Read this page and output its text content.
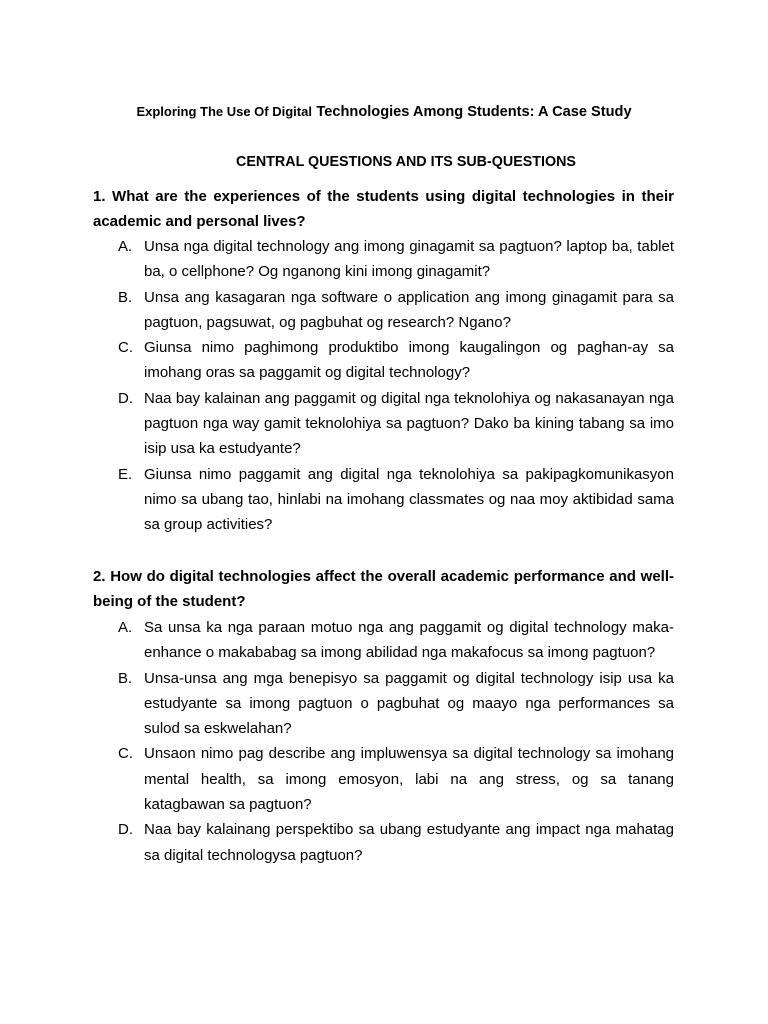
Exploring The Use Of Digital Technologies Among Students: A Case Study
CENTRAL QUESTIONS AND ITS SUB-QUESTIONS

1. What are the experiences of the students using digital technologies in their academic and personal lives?

A. Unsa nga digital technology ang imong ginagamit sa pagtuon? laptop ba, tablet ba, o cellphone? Og nganong kini imong ginagamit?
B. Unsa ang kasagaran nga software o application ang imong ginagamit para sa pagtuon, pagsuwat, og pagbuhat og research? Ngano?
C. Giunsa nimo paghimong produktibo imong kaugalingon og paghan-ay sa imohang oras sa paggamit og digital technology?
D. Naa bay kalainan ang paggamit og digital nga teknolohiya og nakasanayan nga pagtuon nga way gamit teknolohiya sa pagtuon? Dako ba kining tabang sa imo isip usa ka estudyante?
E. Giunsa nimo paggamit ang digital nga teknolohiya sa pakipagkomunikasyon nimo sa ubang tao, hinlabi na imohang classmates og naa moy aktibidad sama sa group activities?

2. How do digital technologies affect the overall academic performance and well-being of the student?

A. Sa unsa ka nga paraan motuo nga ang paggamit og digital technology maka-enhance o makababag sa imong abilidad nga makafocus sa imong pagtuon?
B. Unsa-unsa ang mga benepisyo sa paggamit og digital technology isip usa ka estudyante sa imong pagtuon o pagbuhat og maayo nga performances sa sulod sa eskwelahan?
C. Unsaon nimo pag describe ang impluwensya sa digital technology sa imohang mental health, sa imong emosyon, labi na ang stress, og sa tanang katagbawan sa pagtuon?
D. Naa bay kalainang perspektibo sa ubang estudyante ang impact nga mahatag sa digital technologysa pagtuon?
